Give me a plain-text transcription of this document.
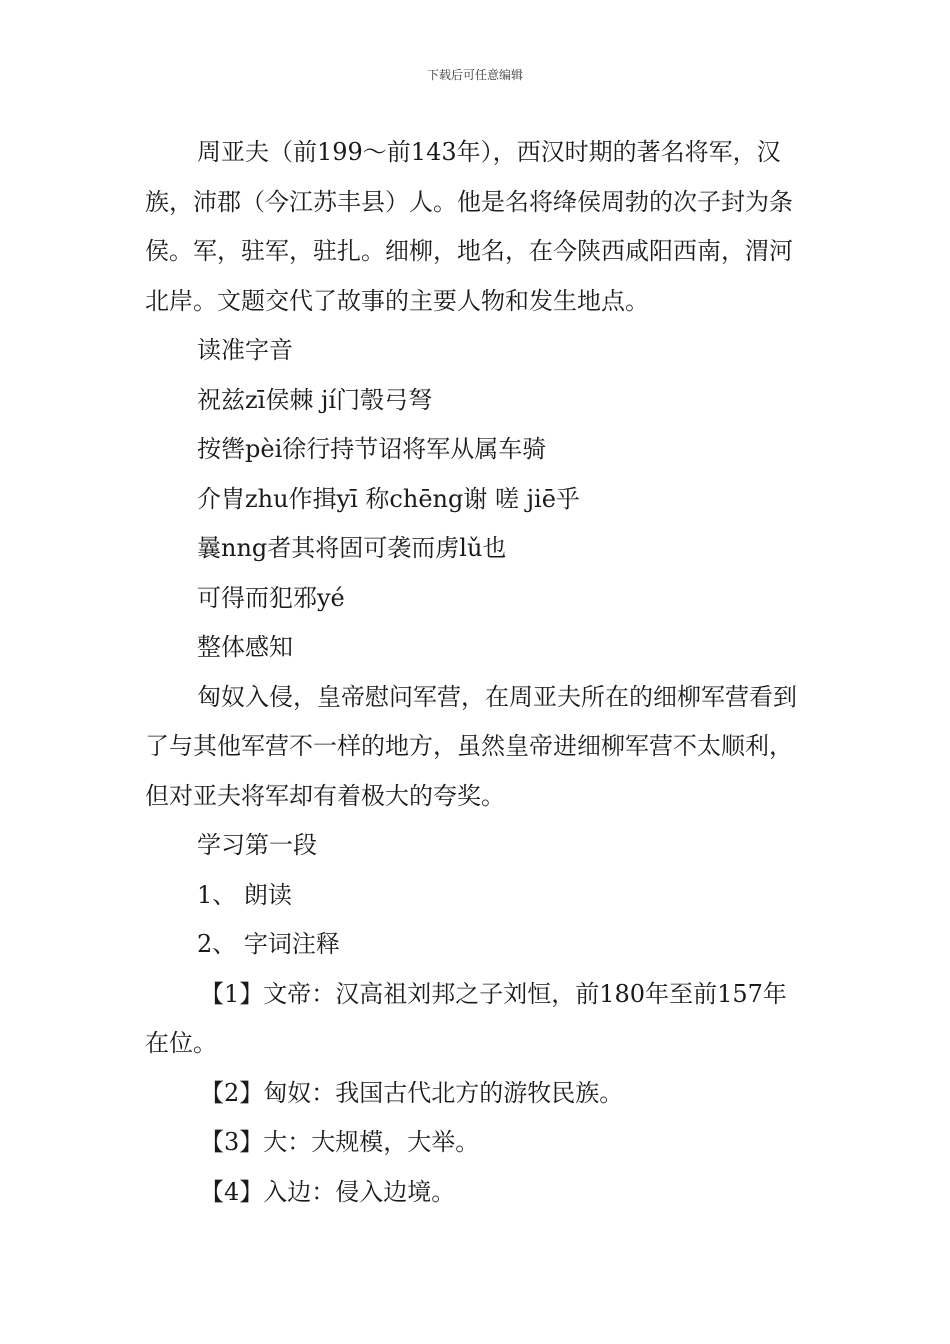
下载后可任意编辑

周亚夫（前199～前143年），西汉时期的著名将军，汉族，沛郡（今江苏丰县）人。他是名将绛侯周勃的次子封为条侯。军，驻军，驻扎。细柳，地名，在今陕西咸阳西南，渭河北岸。文题交代了故事的主要人物和发生地点。

读准字音

祝兹zī侯棘 jí门彀弓弩

按辔pèi徐行持节诏将军从属车骑

介胄zhu作揖yī 称chēng谢 嗟 jiē乎

曩nng者其将固可袭而虏lǔ也

可得而犯邪yé

整体感知

匈奴入侵，皇帝慰问军营，在周亚夫所在的细柳军营看到了与其他军营不一样的地方，虽然皇帝进细柳军营不太顺利，但对亚夫将军却有着极大的夸奖。

学习第一段

1、 朗读

2、 字词注释

【1】文帝：汉高祖刘邦之子刘恒，前180年至前157年在位。

【2】匈奴：我国古代北方的游牧民族。

【3】大：大规模，大举。

【4】入边：侵入边境。
